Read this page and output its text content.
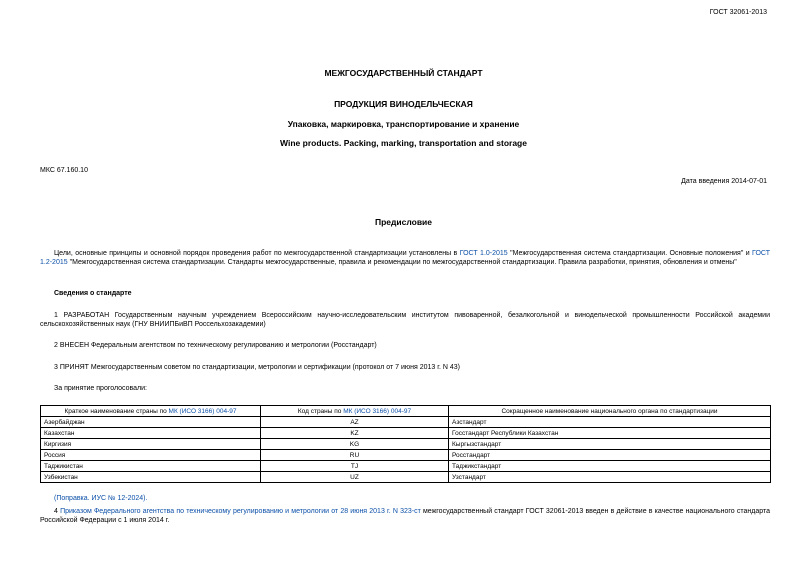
ГОСТ 32061-2013
МЕЖГОСУДАРСТВЕННЫЙ СТАНДАРТ
ПРОДУКЦИЯ ВИНОДЕЛЬЧЕСКАЯ
Упаковка, маркировка, транспортирование и хранение
Wine products. Packing, marking, transportation and storage
МКС 67.160.10
Дата введения 2014-07-01
Предисловие

Цели, основные принципы и основной порядок проведения работ по межгосударственной стандартизации установлены в ГОСТ 1.0-2015 "Межгосударственная система стандартизации. Основные положения" и ГОСТ 1.2-2015 "Межгосударственная система стандартизации. Стандарты межгосударственные, правила и рекомендации по межгосударственной стандартизации. Правила разработки, принятия, обновления и отмены"

Сведения о стандарте

1 РАЗРАБОТАН Государственным научным учреждением Всероссийским научно-исследовательским институтом пивоваренной, безалкогольной и винодельческой промышленности Российской академии сельскохозяйственных наук (ГНУ ВНИИПБиВП Россельхозакадемии)

2 ВНЕСЕН Федеральным агентством по техническому регулированию и метрологии (Росстандарт)
3 ПРИНЯТ Межгосударственным советом по стандартизации, метрологии и сертификации (протокол от 7 июня 2013 г. N 43)
За принятие проголосовали:
Краткое наименование страны по МК (ИСО 3166) 004-97	Код страны по МК (ИСО 3166) 004-97	Сокращенное наименование национального органа по стандартизации
Азербайджан	AZ	Азстандарт
Казахстан	KZ	Госстандарт Республики Казахстан
Киргизия	KG	Кыргызстандарт
Россия	RU	Росстандарт
Таджикистан	TJ	Таджикстандарт
Узбекистан	UZ	Узстандарт
(Поправка. ИУС № 12-2024).

4 Приказом Федерального агентства по техническому регулированию и метрологии от 28 июня 2013 г. N 323-ст межгосударственный стандарт ГОСТ 32061-2013 введен в действие в качестве национального стандарта Российской Федерации с 1 июля 2014 г.
